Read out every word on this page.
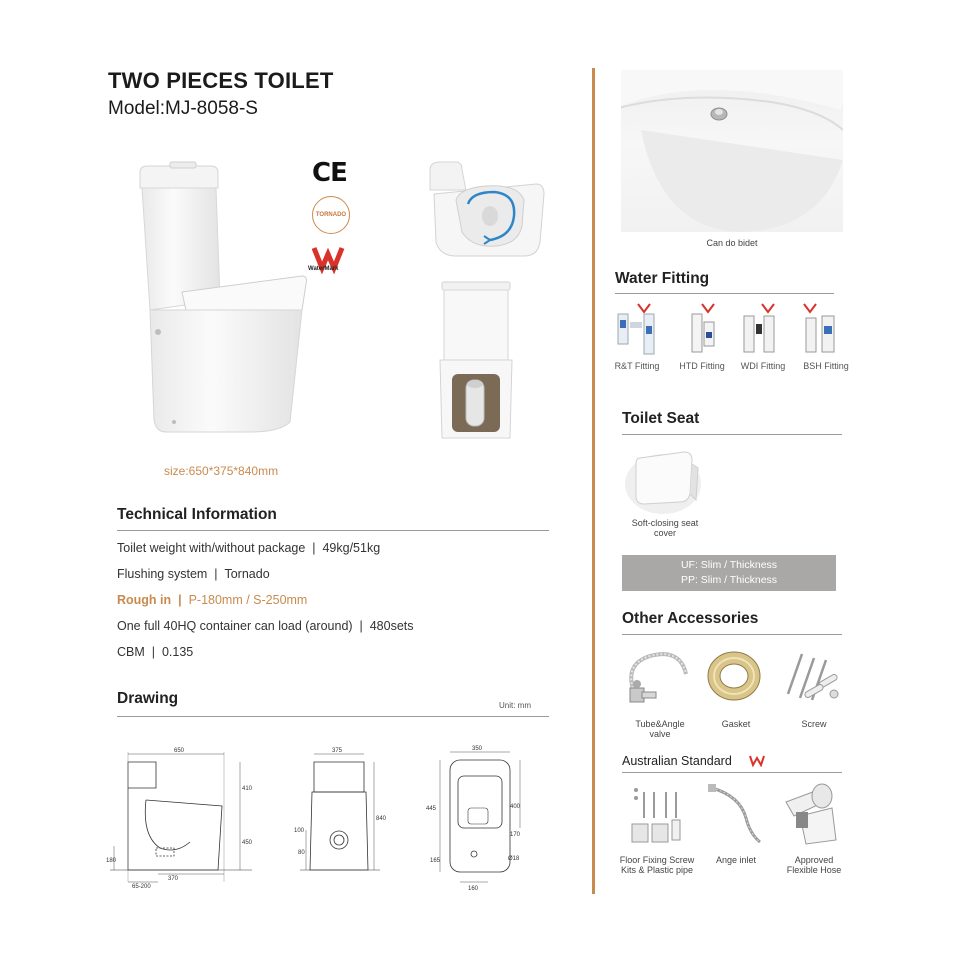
TWO PIECES TOILET
Model:MJ-8058-S
CE
TORNADO
WaterMark
size:650*375*840mm
Technical Information
Toilet weight with/without package | 49kg/51kg
Flushing system | Tornado
Rough in | P-180mm / S-250mm
One full 40HQ container can load (around) | 480sets
CBM | 0.135
Drawing	Unit: mm
650
410
450
180
65-200
370
375
840
100
80
350
445	400
170
Ø18
165
160
Can do bidet
Water Fitting
R&T Fitting	HTD Fitting	WDI Fitting	BSH Fitting
Toilet Seat
Soft-closing seat
cover
UF: Slim / Thickness
PP: Slim / Thickness
Other Accessories
Tube&Angle
valve
Gasket	Screw
Australian Standard
Floor Fixing Screw
Kits & Plastic pipe
Ange inlet	Approved
Flexible Hose
